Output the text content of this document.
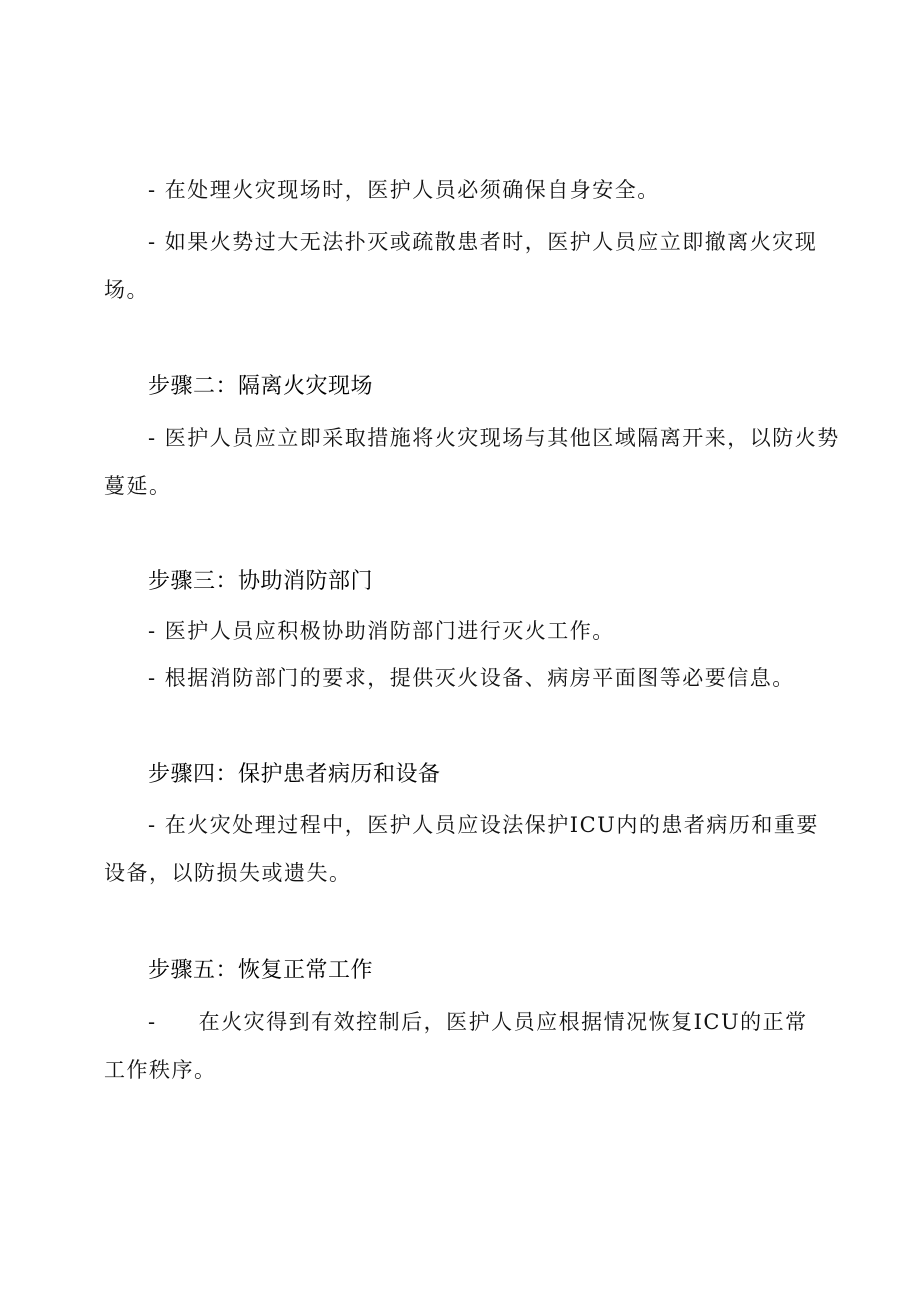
- 在处理火灾现场时，医护人员必须确保自身安全。
- 如果火势过大无法扑灭或疏散患者时，医护人员应立即撤离火灾现
场。
步骤二：隔离火灾现场
- 医护人员应立即采取措施将火灾现场与其他区域隔离开来，以防火势
蔓延。
步骤三：协助消防部门
- 医护人员应积极协助消防部门进行灭火工作。
- 根据消防部门的要求，提供灭火设备、病房平面图等必要信息。
步骤四：保护患者病历和设备
- 在火灾处理过程中，医护人员应设法保护ICU内的患者病历和重要
设备，以防损失或遗失。
步骤五：恢复正常工作
- 在火灾得到有效控制后，医护人员应根据情况恢复ICU的正常
工作秩序。
